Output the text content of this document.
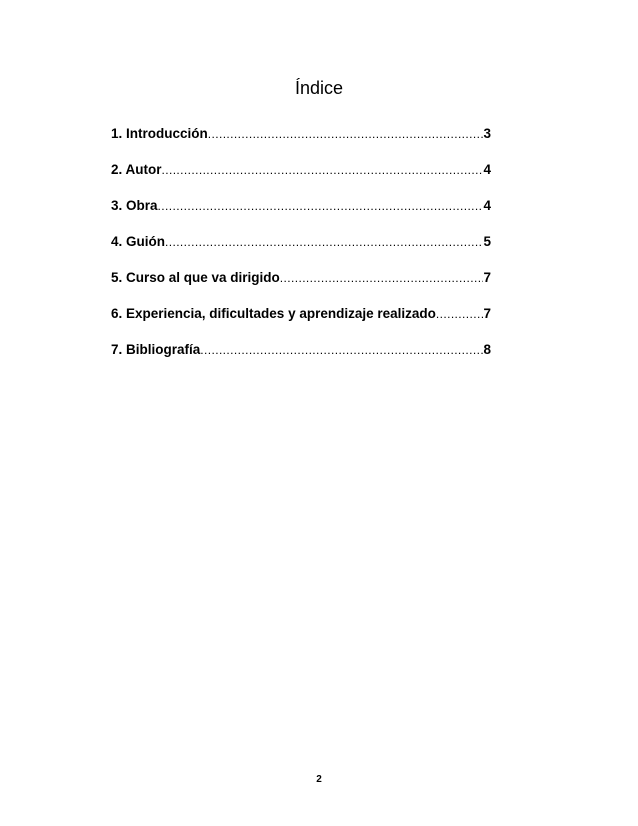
Índice
1. Introducción .....	3
2. Autor .....	4
3. Obra .....	4
4. Guión .....	5
5. Curso al que va dirigido .....	7
6. Experiencia, dificultades y aprendizaje realizado .....	7
7. Bibliografía .....	8
2
